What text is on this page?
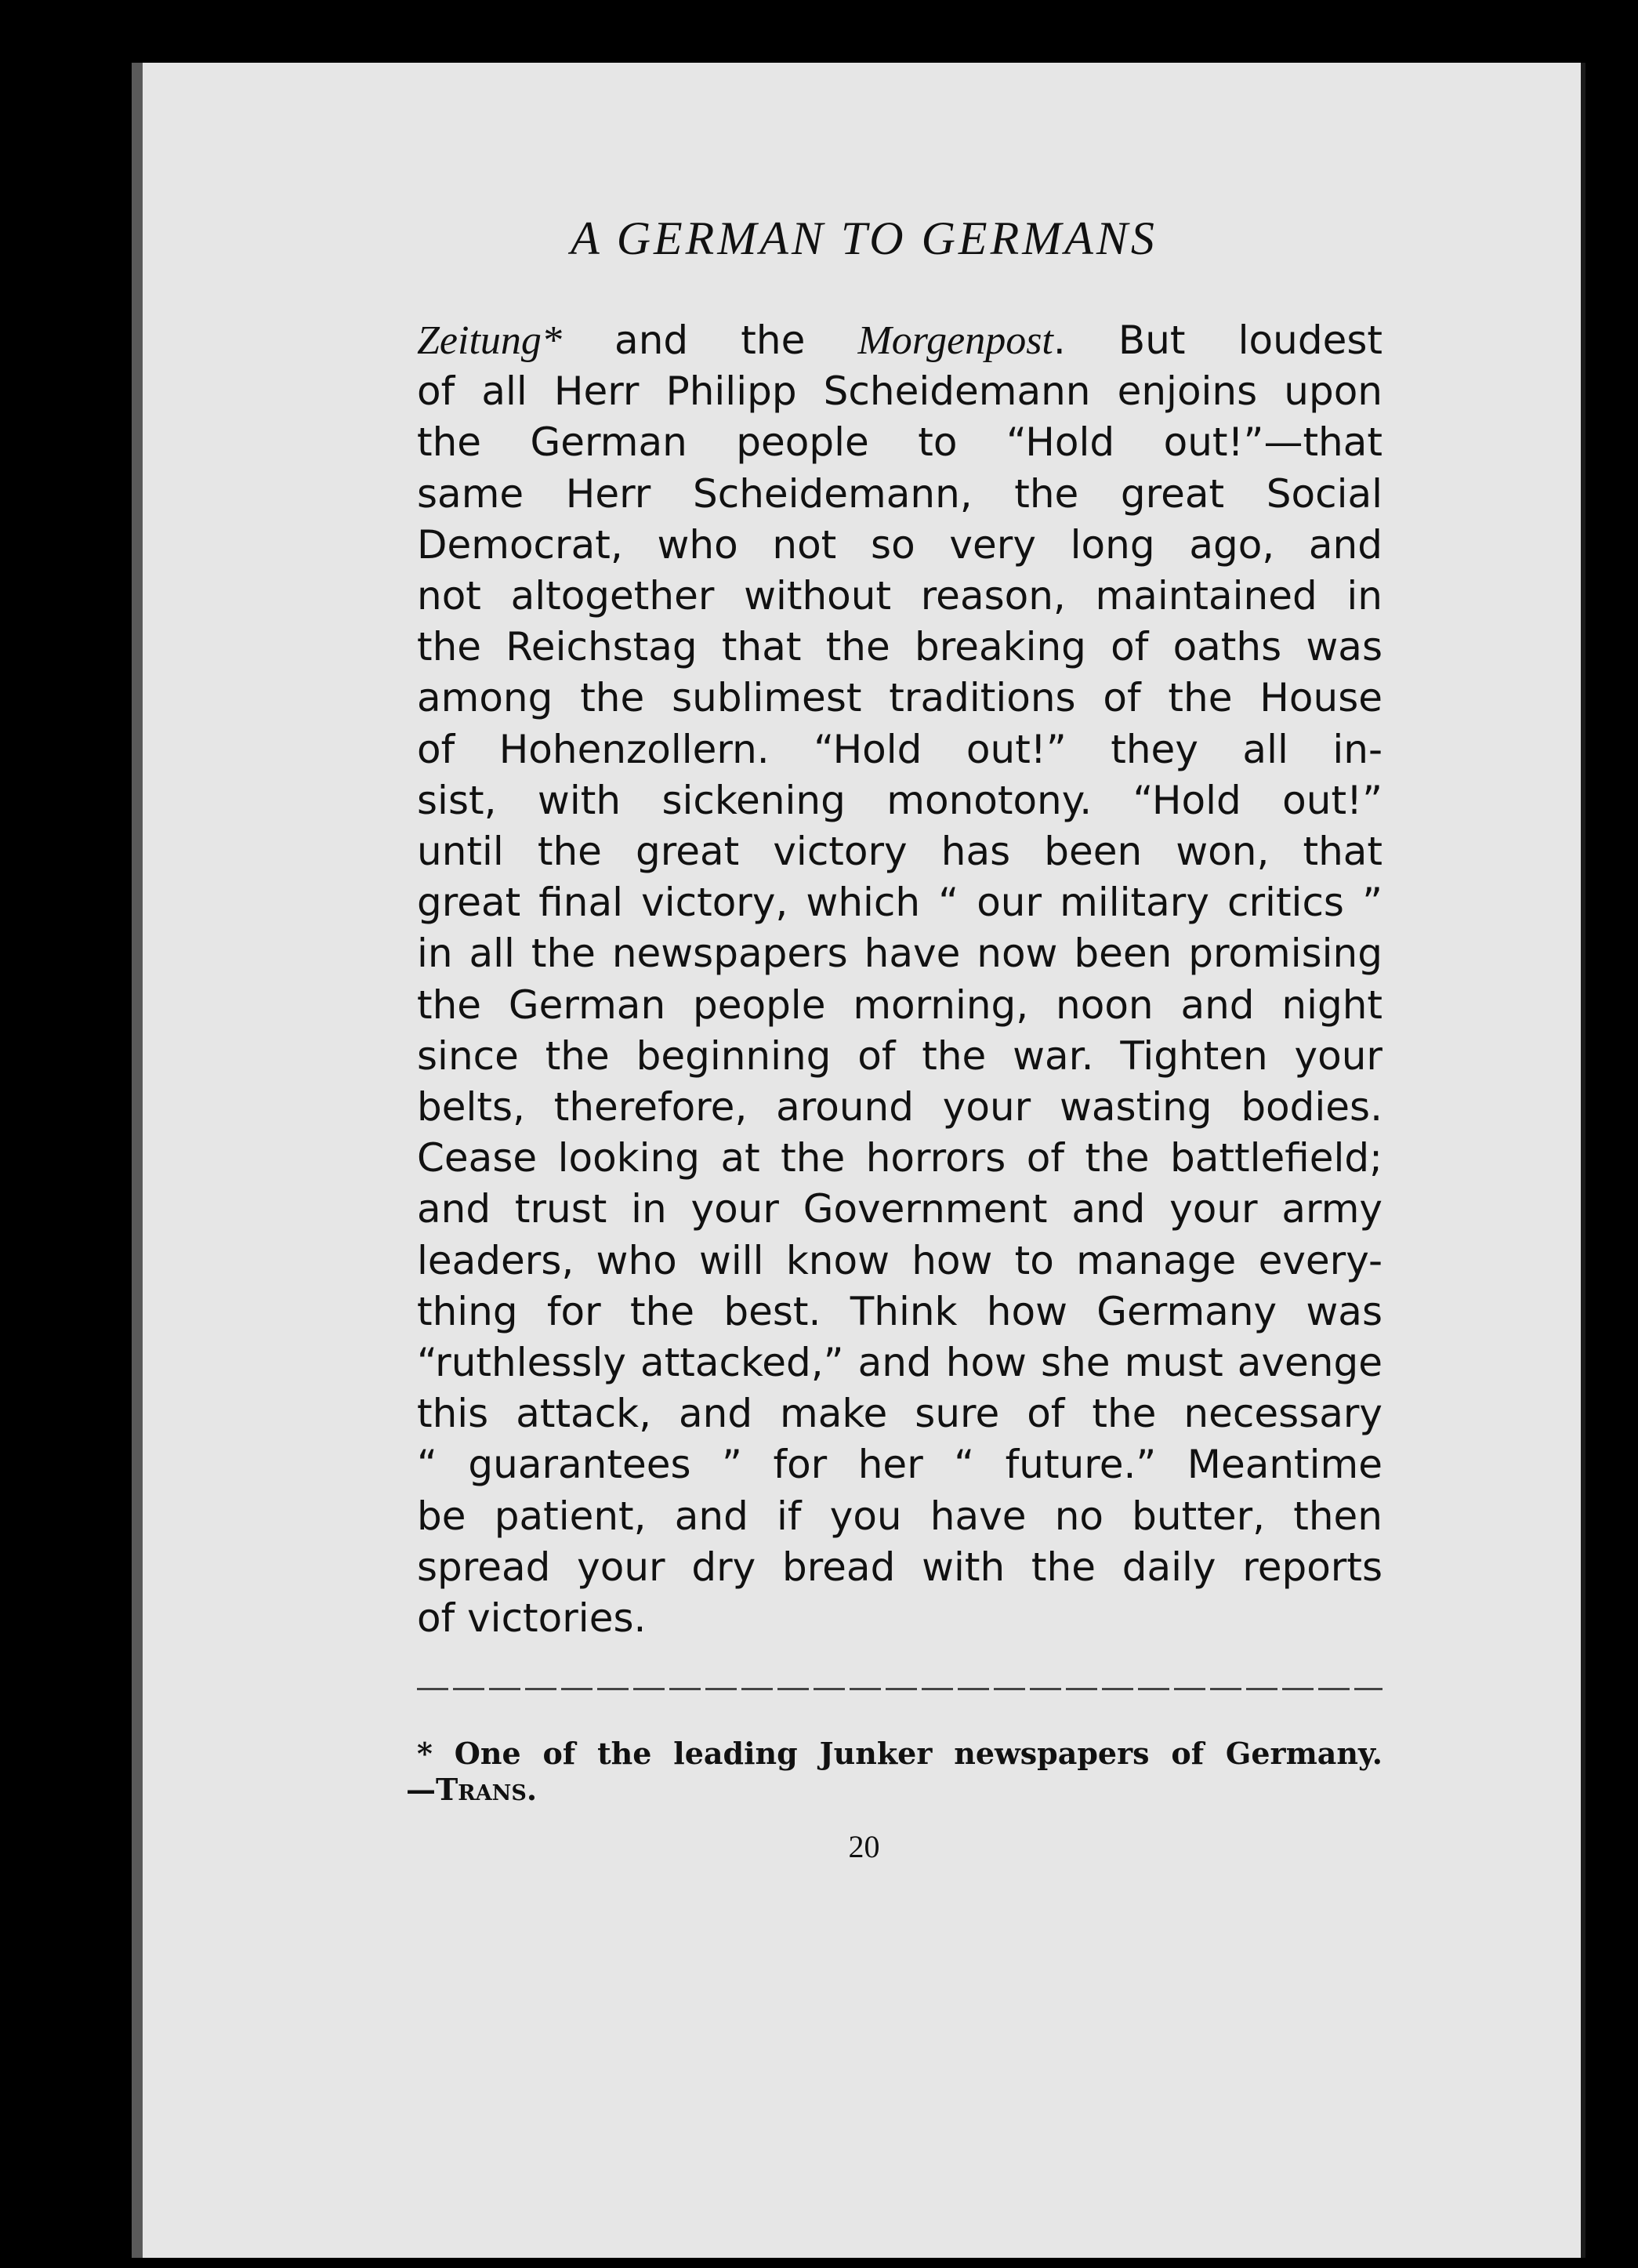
A GERMAN TO GERMANS
Zeitung* and the Morgenpost. But loudest
of all Herr Philipp Scheidemann enjoins upon
the German people to “Hold out!”—that
same Herr Scheidemann, the great Social
Democrat, who not so very long ago, and
not altogether without reason, maintained in
the Reichstag that the breaking of oaths was
among the sublimest traditions of the House
of Hohenzollern. “Hold out!” they all in-
sist, with sickening monotony. “Hold out!”
until the great victory has been won, that
great final victory, which “ our military critics ”
in all the newspapers have now been promising
the German people morning, noon and night
since the beginning of the war. Tighten your
belts, therefore, around your wasting bodies.
Cease looking at the horrors of the battlefield;
and trust in your Government and your army
leaders, who will know how to manage every-
thing for the best. Think how Germany was
“ruthlessly attacked,” and how she must avenge
this attack, and make sure of the necessary
“ guarantees ” for her “ future.” Meantime
be patient, and if you have no butter, then
spread your dry bread with the daily reports
of victories.
* One of the leading Junker newspapers of Germany.
—Trans.
20
